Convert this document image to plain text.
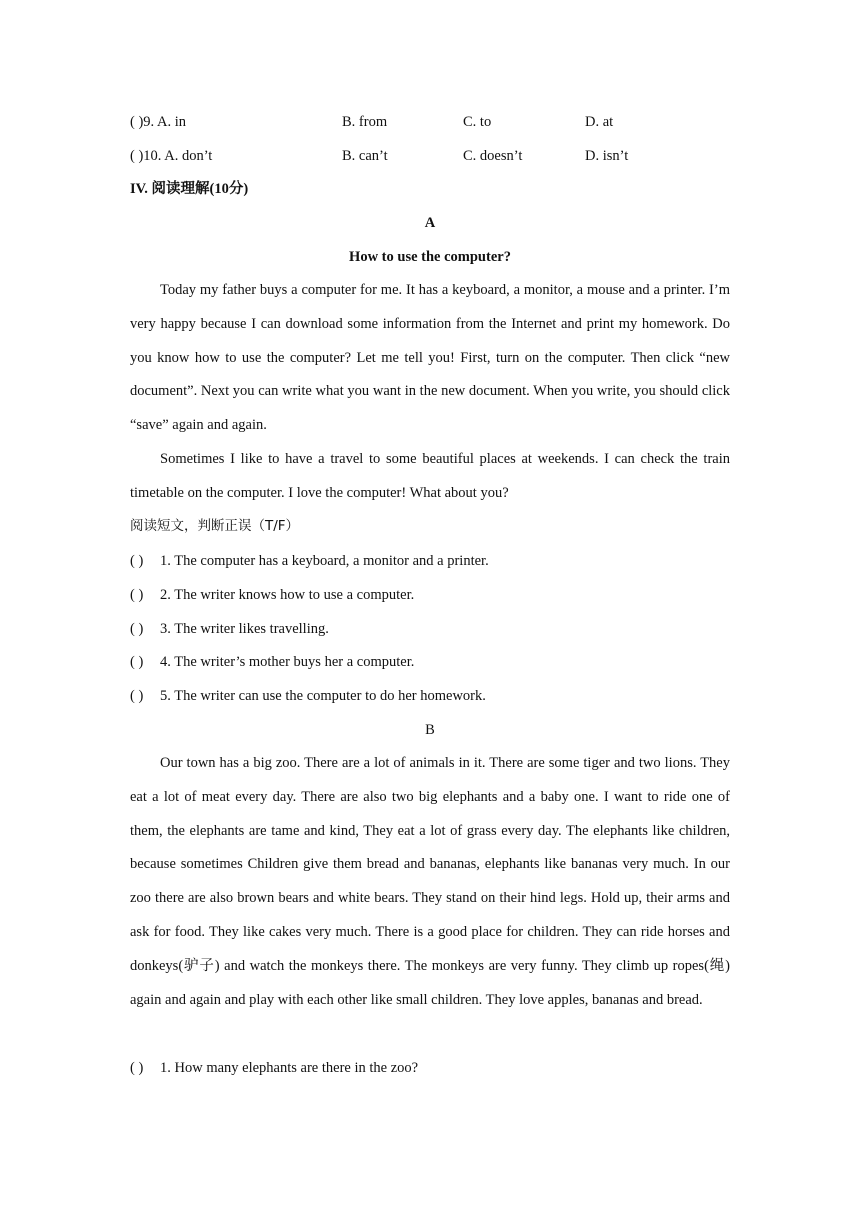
( )9. A. in	B. from	C. to	D. at
( )10. A. don’t	B. can’t	C. doesn’t	D. isn’t
IV. 阅读理解(10分)
A
How to use the computer?
Today my father buys a computer for me. It has a keyboard, a monitor, a mouse and a printer. I’m very happy because I can download some information from the Internet and print my homework. Do you know how to use the computer? Let me tell you! First, turn on the computer. Then click “new document”. Next you can write what you want in the new document. When you write, you should click “save” again and again.
Sometimes I like to have a travel to some beautiful places at weekends. I can check the train timetable on the computer. I love the computer! What about you?
阅读短文，判断正误（T/F）
( ) 1. The computer has a keyboard, a monitor and a printer.
( ) 2. The writer knows how to use a computer.
( ) 3. The writer likes travelling.
( ) 4. The writer’s mother buys her a computer.
( ) 5. The writer can use the computer to do her homework.
B
Our town has a big zoo. There are a lot of animals in it. There are some tiger and two lions. They eat a lot of meat every day. There are also two big elephants and a baby one. I want to ride one of them, the elephants are tame and kind, They eat a lot of grass every day. The elephants like children, because sometimes Children give them bread and bananas, elephants like bananas very much. In our zoo there are also brown bears and white bears. They stand on their hind legs. Hold up, their arms and ask for food. They like cakes very much. There is a good place for children. They can ride horses and donkeys(驴子) and watch the monkeys there. The monkeys are very funny. They climb up ropes(绳) again and again and play with each other like small children. They love apples, bananas and bread.
( ) 1. How many elephants are there in the zoo?
